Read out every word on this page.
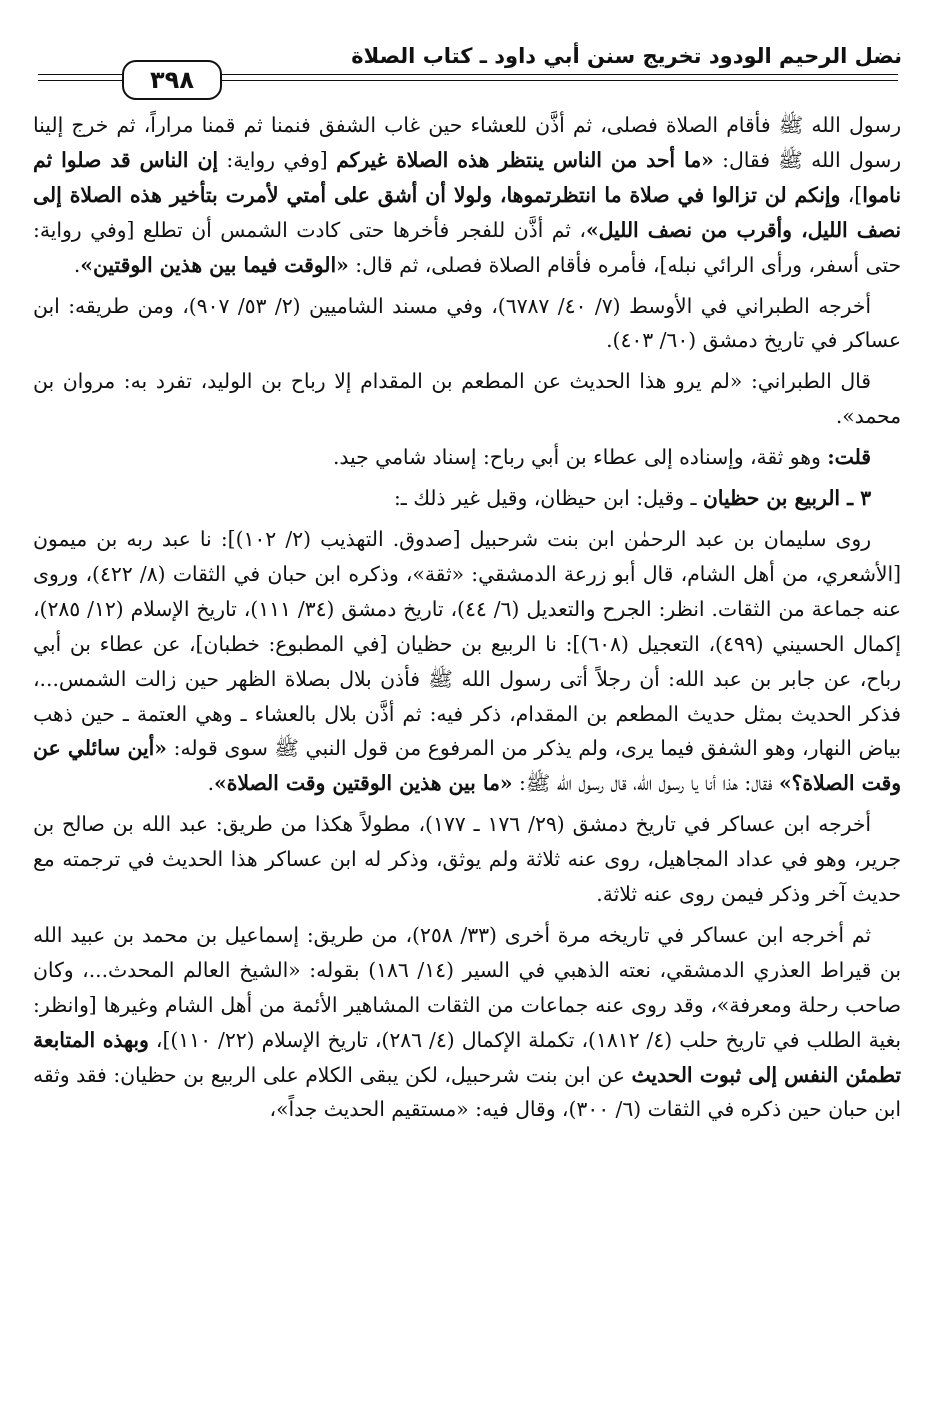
نضل الرحيم الودود تخريج سنن أبي داود ـ كتاب الصلاة
٣٩٨

رسول الله ﷺ فأقام الصلاة فصلى، ثم أذَّن للعشاء حين غاب الشفق فنمنا ثم قمنا مراراً، ثم خرج إلينا رسول الله ﷺ فقال: «ما أحد من الناس ينتظر هذه الصلاة غيركم [وفي رواية: إن الناس قد صلوا ثم ناموا]، وإنكم لن تزالوا في صلاة ما انتظرتموها، ولولا أن أشق على أمتي لأمرت بتأخير هذه الصلاة إلى نصف الليل، وأقرب من نصف الليل»، ثم أذَّن للفجر فأخرها حتى كادت الشمس أن تطلع [وفي رواية: حتى أسفر، ورأى الرائي نبله]، فأمره فأقام الصلاة فصلى، ثم قال: «الوقت فيما بين هذين الوقتين».

أخرجه الطبراني في الأوسط (٧/ ٤٠/ ٦٧٨٧)، وفي مسند الشاميين (٢/ ٥٣/ ٩٠٧)، ومن طريقه: ابن عساكر في تاريخ دمشق (٦٠/ ٤٠٣).

قال الطبراني: «لم يرو هذا الحديث عن المطعم بن المقدام إلا رباح بن الوليد، تفرد به: مروان بن محمد».

قلت: وهو ثقة، وإسناده إلى عطاء بن أبي رباح: إسناد شامي جيد.

٣ ـ الربيع بن حظيان ـ وقيل: ابن حيظان، وقيل غير ذلك ـ:

روى سليمان بن عبد الرحمٰن ابن بنت شرحبيل [صدوق. التهذيب (٢/ ١٠٢)]: نا عبد ربه بن ميمون [الأشعري، من أهل الشام، قال أبو زرعة الدمشقي: «ثقة»، وذكره ابن حبان في الثقات (٨/ ٤٢٢)، وروى عنه جماعة من الثقات. انظر: الجرح والتعديل (٦/ ٤٤)، تاريخ دمشق (٣٤/ ١١١)، تاريخ الإسلام (١٢/ ٢٨٥)، إكمال الحسيني (٤٩٩)، التعجيل (٦٠٨)]: نا الربيع بن حظيان [في المطبوع: خطبان]، عن عطاء بن أبي رباح، عن جابر بن عبد الله: أن رجلاً أتى رسول الله ﷺ فأذن بلال بصلاة الظهر حين زالت الشمس...، فذكر الحديث بمثل حديث المطعم بن المقدام، ذكر فيه: ثم أذَّن بلال بالعشاء ـ وهي العتمة ـ حين ذهب بياض النهار، وهو الشفق فيما يرى، ولم يذكر من المرفوع من قول النبي ﷺ سوى قوله: «أين سائلي عن وقت الصلاة؟» فقال: هذا أنا يا رسول الله، قال رسول الله ﷺ: «ما بين هذين الوقتين وقت الصلاة».

أخرجه ابن عساكر في تاريخ دمشق (٢٩/ ١٧٦ ـ ١٧٧)، مطولاً هكذا من طريق: عبد الله بن صالح بن جرير، وهو في عداد المجاهيل، روى عنه ثلاثة ولم يوثق، وذكر له ابن عساكر هذا الحديث في ترجمته مع حديث آخر وذكر فيمن روى عنه ثلاثة.

ثم أخرجه ابن عساكر في تاريخه مرة أخرى (٣٣/ ٢٥٨)، من طريق: إسماعيل بن محمد بن عبيد الله بن قيراط العذري الدمشقي، نعته الذهبي في السير (١٤/ ١٨٦) بقوله: «الشيخ العالم المحدث...، وكان صاحب رحلة ومعرفة»، وقد روى عنه جماعات من الثقات المشاهير الأئمة من أهل الشام وغيرها [وانظر: بغية الطلب في تاريخ حلب (٤/ ١٨١٢)، تكملة الإكمال (٤/ ٢٨٦)، تاريخ الإسلام (٢٢/ ١١٠)]، وبهذه المتابعة تطمئن النفس إلى ثبوت الحديث عن ابن بنت شرحبيل، لكن يبقى الكلام على الربيع بن حظيان: فقد وثقه ابن حبان حين ذكره في الثقات (٦/ ٣٠٠)، وقال فيه: «مستقيم الحديث جداً»،
